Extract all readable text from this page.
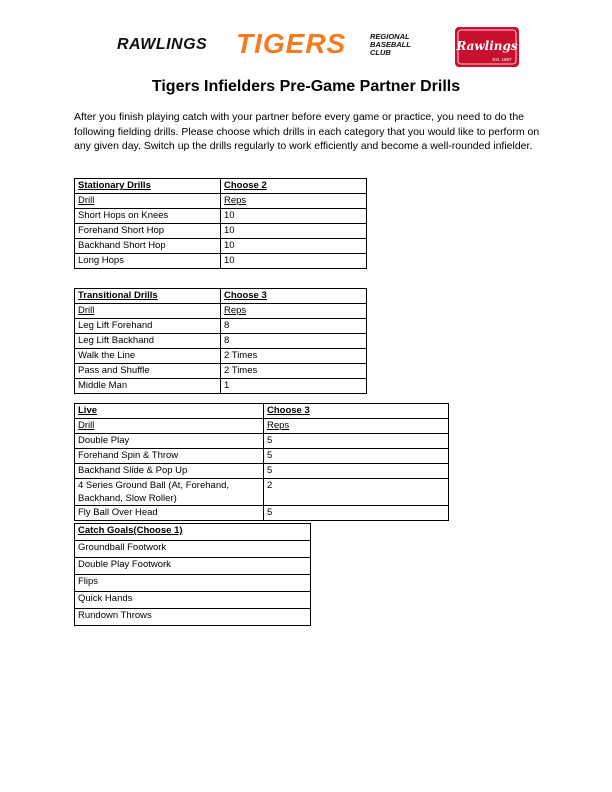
RAWLINGS TIGERS	REGIONAL
BASEBALL
CLUB	Rawlings
Est. 1887
Tigers Infielders Pre-Game Partner Drills

After you finish playing catch with your partner before every game or practice, you need to do the following fielding drills. Please choose which drills in each category that you would like to perform on any given day. Switch up the drills regularly to work efficiently and become a well-rounded infielder.

Stationary Drills	Choose 2
Drill	Reps
Short Hops on Knees	10
Forehand Short Hop	10
Backhand Short Hop	10
Long Hops	10
Transitional Drills	Choose 3
Drill	Reps
Leg Lift Forehand	8
Leg Lift Backhand	8
Walk the Line	2 Times
Pass and Shuffle	2 Times
Middle Man	1
Live	Choose 3
Drill	Reps
Double Play	5
Forehand Spin & Throw	5
Backhand Slide & Pop Up	5
4 Series Ground Ball (At, Forehand, Backhand, Slow Roller)	2
Fly Ball Over Head	5
Catch Goals(Choose 1)
Groundball Footwork
Double Play Footwork
Flips
Quick Hands
Rundown Throws
